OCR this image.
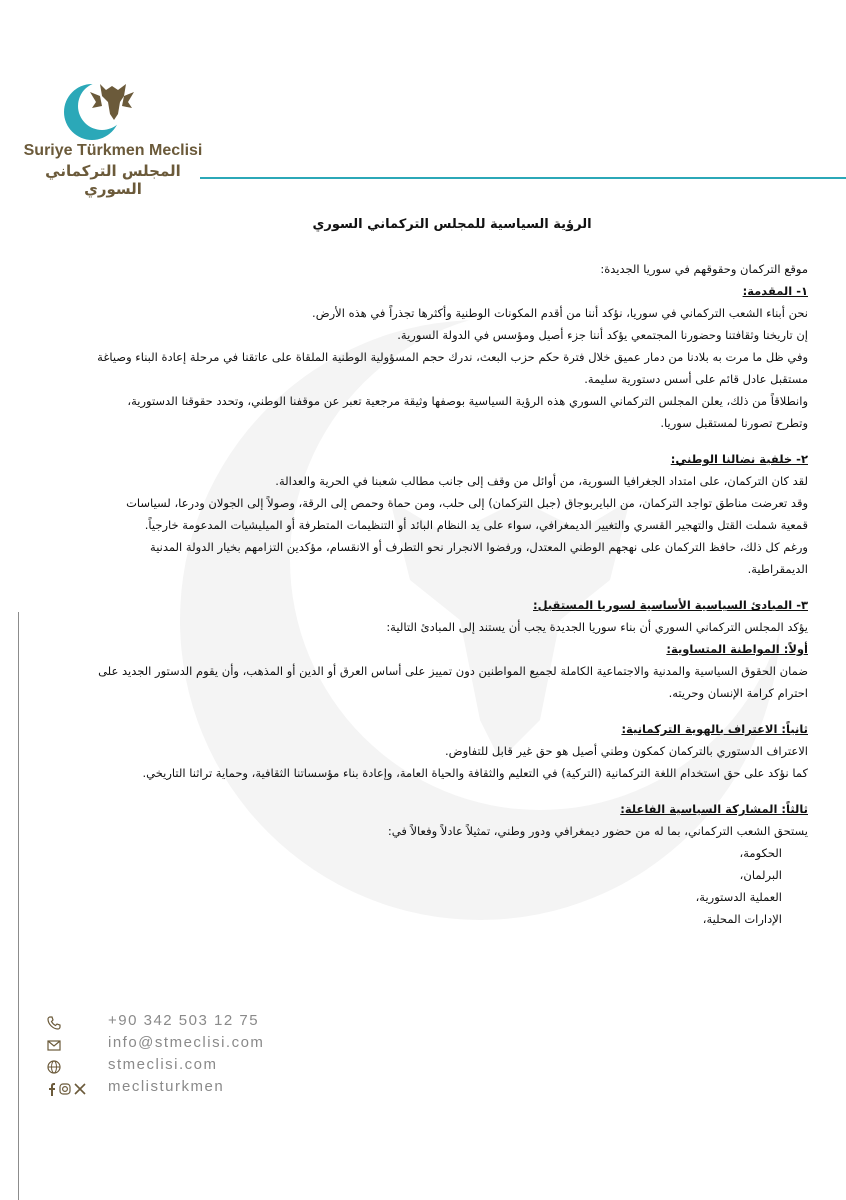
Suriye Türkmen Meclisi
المجلس التركماني السوري
+90 342 503 12 75
info@stmeclisi.com
stmeclisi.com
meclisturkmen
الرؤية السياسية للمجلس التركماني السوري

موقع التركمان وحقوقهم في سوريا الجديدة:

١- المقدمة:

نحن أبناء الشعب التركماني في سوريا، نؤكد أننا من أقدم المكونات الوطنية وأكثرها تجذراً في هذه الأرض.

إن تاريخنا وثقافتنا وحضورنا المجتمعي يؤكد أننا جزء أصيل ومؤسس في الدولة السورية.

وفي ظل ما مرت به بلادنا من دمار عميق خلال فترة حكم حزب البعث، ندرك حجم المسؤولية الوطنية الملقاة على عاتقنا في مرحلة إعادة البناء وصياغة مستقبل عادل قائم على أسس دستورية سليمة.

وانطلاقاً من ذلك، يعلن المجلس التركماني السوري هذه الرؤية السياسية بوصفها وثيقة مرجعية تعبر عن موقفنا الوطني، وتحدد حقوقنا الدستورية، وتطرح تصورنا لمستقبل سوريا.

٢- خلفية نضالنا الوطني:

لقد كان التركمان، على امتداد الجغرافيا السورية، من أوائل من وقف إلى جانب مطالب شعبنا في الحرية والعدالة.

وقد تعرضت مناطق تواجد التركمان، من البايربوجاق (جبل التركمان) إلى حلب، ومن حماة وحمص إلى الرقة، وصولاً إلى الجولان ودرعا، لسياسات قمعية شملت القتل والتهجير القسري والتغيير الديمغرافي، سواء على يد النظام البائد أو التنظيمات المتطرفة أو الميليشيات المدعومة خارجياً.

ورغم كل ذلك، حافظ التركمان على نهجهم الوطني المعتدل، ورفضوا الانجرار نحو التطرف أو الانقسام، مؤكدين التزامهم بخيار الدولة المدنية الديمقراطية.

٣- المبادئ السياسية الأساسية لسوريا المستقبل:

يؤكد المجلس التركماني السوري أن بناء سوريا الجديدة يجب أن يستند إلى المبادئ التالية:

أولاً: المواطنة المتساوية:

ضمان الحقوق السياسية والمدنية والاجتماعية الكاملة لجميع المواطنين دون تمييز على أساس العرق أو الدين أو المذهب، وأن يقوم الدستور الجديد على احترام كرامة الإنسان وحريته.

ثانياً: الاعتراف بالهوية التركمانية:

الاعتراف الدستوري بالتركمان كمكون وطني أصيل هو حق غير قابل للتفاوض.

كما نؤكد على حق استخدام اللغة التركمانية (التركية) في التعليم والثقافة والحياة العامة، وإعادة بناء مؤسساتنا الثقافية، وحماية تراثنا التاريخي.

ثالثاً: المشاركة السياسية الفاعلة:

يستحق الشعب التركماني، بما له من حضور ديمغرافي ودور وطني، تمثيلاً عادلاً وفعالاً في:

الحكومة،

البرلمان،

العملية الدستورية،

الإدارات المحلية،
